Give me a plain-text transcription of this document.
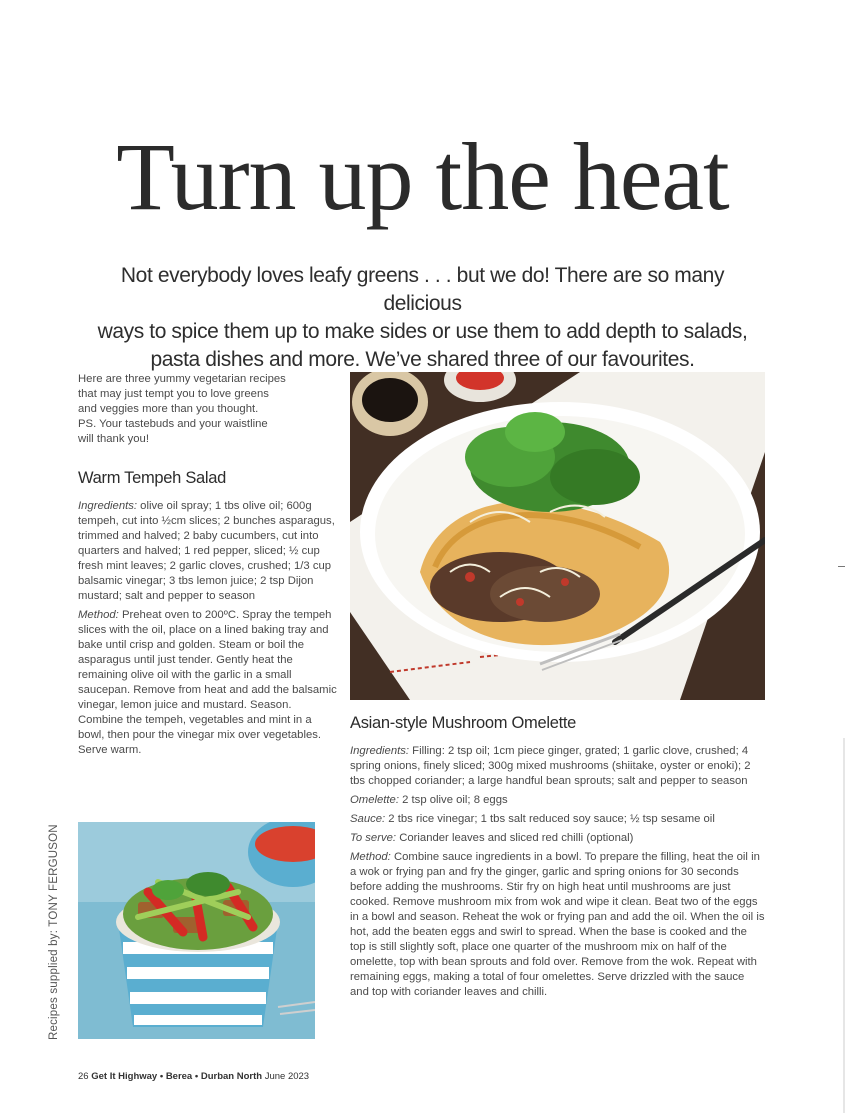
Turn up the heat
Not everybody loves leafy greens . . . but we do! There are so many delicious
ways to spice them up to make sides or use them to add depth to salads,
pasta dishes and more. We’ve shared three of our favourites.
Here are three yummy vegetarian recipes
that may just tempt you to love greens
and veggies more than you thought.
PS. Your tastebuds and your waistline
will thank you!
Warm Tempeh Salad

Ingredients: olive oil spray; 1 tbs olive oil; 600g tempeh, cut into ½cm slices; 2 bunches asparagus, trimmed and halved; 2 baby cucumbers, cut into quarters and halved; 1 red pepper, sliced; ½ cup fresh mint leaves; 2 garlic cloves, crushed; 1/3 cup balsamic vinegar; 3 tbs lemon juice; 2 tsp Dijon mustard; salt and pepper to season

Method: Preheat oven to 200ºC. Spray the tempeh slices with the oil, place on a lined baking tray and bake until crisp and golden. Steam or boil the asparagus until just tender. Gently heat the remaining olive oil with the garlic in a small saucepan. Remove from heat and add the balsamic vinegar, lemon juice and mustard. Season. Combine the tempeh, vegetables and mint in a bowl, then pour the vinegar mix over vegetables. Serve warm.

Asian-style Mushroom Omelette

Ingredients: Filling: 2 tsp oil; 1cm piece ginger, grated; 1 garlic clove, crushed; 4 spring onions, finely sliced; 300g mixed mushrooms (shiitake, oyster or enoki); 2 tbs chopped coriander; a large handful bean sprouts; salt and pepper to season

Omelette: 2 tsp olive oil; 8 eggs

Sauce: 2 tbs rice vinegar; 1 tbs salt reduced soy sauce; ½ tsp sesame oil

To serve: Coriander leaves and sliced red chilli (optional)

Method: Combine sauce ingredients in a bowl. To prepare the filling, heat the oil in a wok or frying pan and fry the ginger, garlic and spring onions for 30 seconds before adding the mushrooms. Stir fry on high heat until mushrooms are just cooked. Remove mushroom mix from wok and wipe it clean. Beat two of the eggs in a bowl and season. Reheat the wok or frying pan and add the oil. When the oil is hot, add the beaten eggs and swirl to spread. When the base is cooked and the top is still slightly soft, place one quarter of the mushroom mix on half of the omelette, top with bean sprouts and fold over. Remove from the wok. Repeat with remaining eggs, making a total of four omelettes. Serve drizzled with the sauce and top with coriander leaves and chilli.

Recipes supplied by: TONY FERGUSON
26 Get It Highway • Berea • Durban North June 2023
